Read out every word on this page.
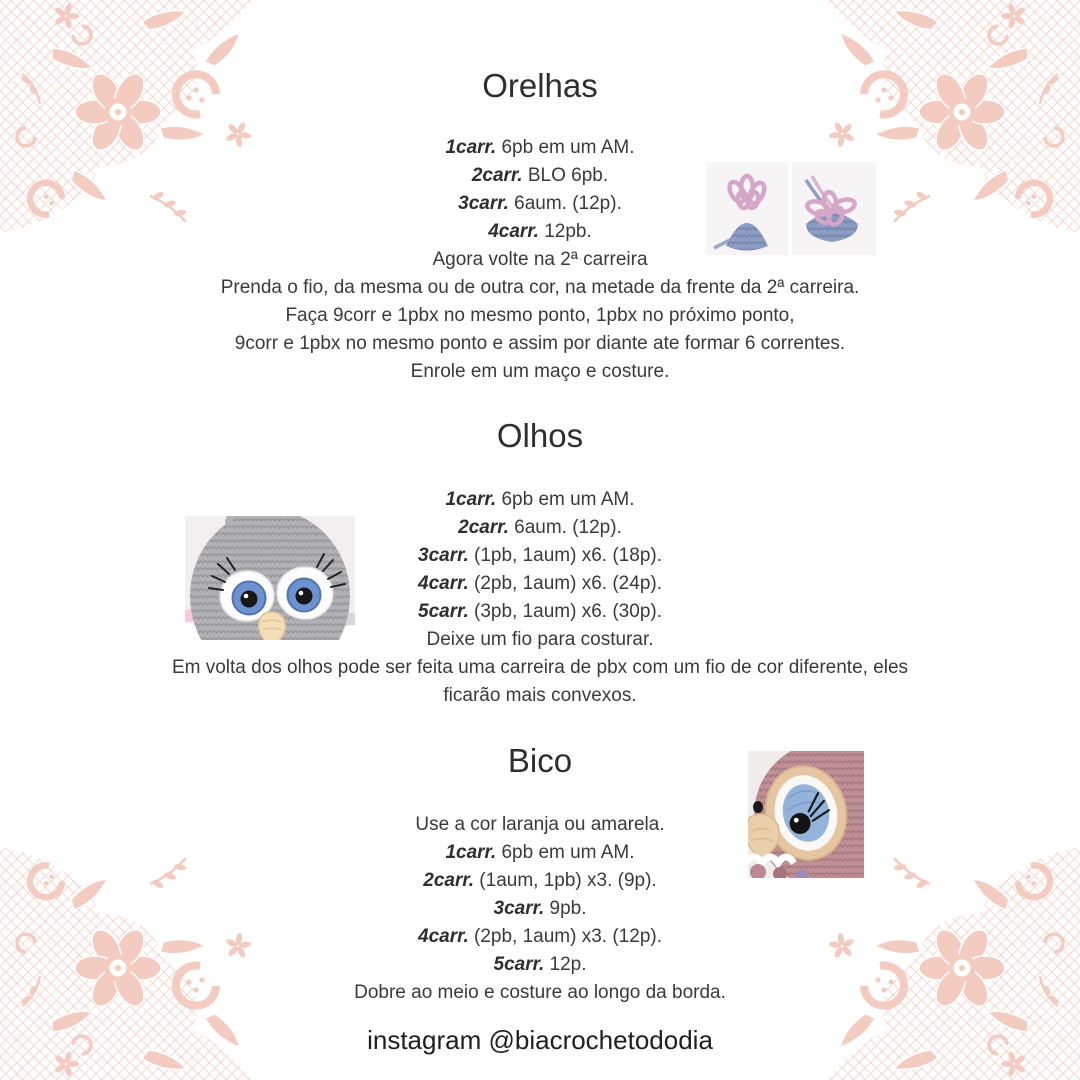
Orelhas
1carr. 6pb em um AM.
2carr. BLO 6pb.
3carr. 6aum. (12p).
4carr. 12pb.
Agora volte na 2ª carreira
Prenda o fio, da mesma ou de outra cor, na metade da frente da 2ª carreira.
Faça 9corr e 1pbx no mesmo ponto, 1pbx no próximo ponto,
9corr e 1pbx no mesmo ponto e assim por diante ate formar 6 correntes.
Enrole em um maço e costure.
Olhos
1carr. 6pb em um AM.
2carr. 6aum. (12p).
3carr. (1pb, 1aum) x6. (18p).
4carr. (2pb, 1aum) x6. (24p).
5carr. (3pb, 1aum) x6. (30p).
Deixe um fio para costurar.
Em volta dos olhos pode ser feita uma carreira de pbx com um fio de cor diferente, eles
ficarão mais convexos.
Bico
Use a cor laranja ou amarela.
1carr. 6pb em um AM.
2carr. (1aum, 1pb) x3. (9p).
3carr. 9pb.
4carr. (2pb, 1aum) x3. (12p).
5carr. 12p.
Dobre ao meio e costure ao longo da borda.
instagram @biacrochetododia
